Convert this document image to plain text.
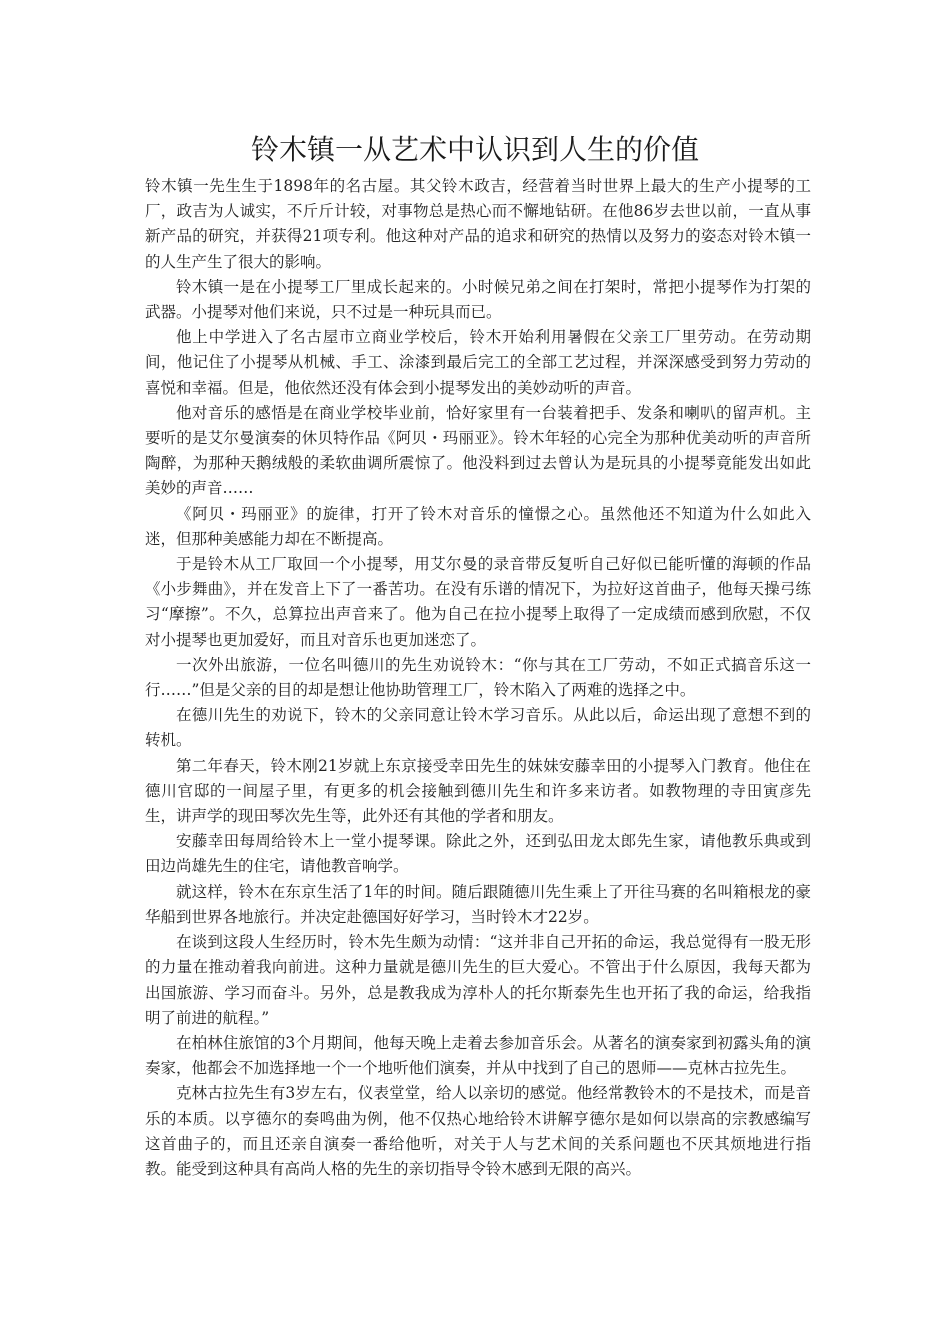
铃木镇一从艺术中认识到人生的价值

铃木镇一先生生于1898年的名古屋。其父铃木政吉，经营着当时世界上最大的生产小提琴的工厂，政吉为人诚实，不斤斤计较，对事物总是热心而不懈地钻研。在他86岁去世以前，一直从事新产品的研究，并获得21项专利。他这种对产品的追求和研究的热情以及努力的姿态对铃木镇一的人生产生了很大的影响。

铃木镇一是在小提琴工厂里成长起来的。小时候兄弟之间在打架时，常把小提琴作为打架的武器。小提琴对他们来说，只不过是一种玩具而已。

他上中学进入了名古屋市立商业学校后，铃木开始利用暑假在父亲工厂里劳动。在劳动期间，他记住了小提琴从机械、手工、涂漆到最后完工的全部工艺过程，并深深感受到努力劳动的喜悦和幸福。但是，他依然还没有体会到小提琴发出的美妙动听的声音。

他对音乐的感悟是在商业学校毕业前，恰好家里有一台装着把手、发条和喇叭的留声机。主要听的是艾尔曼演奏的休贝特作品《阿贝・玛丽亚》。铃木年轻的心完全为那种优美动听的声音所陶醉，为那种天鹅绒般的柔软曲调所震惊了。他没料到过去曾认为是玩具的小提琴竟能发出如此美妙的声音……

《阿贝・玛丽亚》的旋律，打开了铃木对音乐的憧憬之心。虽然他还不知道为什么如此入迷，但那种美感能力却在不断提高。

于是铃木从工厂取回一个小提琴，用艾尔曼的录音带反复听自己好似已能听懂的海顿的作品《小步舞曲》，并在发音上下了一番苦功。在没有乐谱的情况下，为拉好这首曲子，他每天操弓练习“摩擦”。不久，总算拉出声音来了。他为自己在拉小提琴上取得了一定成绩而感到欣慰，不仅对小提琴也更加爱好，而且对音乐也更加迷恋了。

一次外出旅游，一位名叫德川的先生劝说铃木：“你与其在工厂劳动，不如正式搞音乐这一行……”但是父亲的目的却是想让他协助管理工厂，铃木陷入了两难的选择之中。

在德川先生的劝说下，铃木的父亲同意让铃木学习音乐。从此以后，命运出现了意想不到的转机。

第二年春天，铃木刚21岁就上东京接受幸田先生的妹妹安藤幸田的小提琴入门教育。他住在德川官邸的一间屋子里，有更多的机会接触到德川先生和许多来访者。如教物理的寺田寅彦先生，讲声学的现田琴次先生等，此外还有其他的学者和朋友。

安藤幸田每周给铃木上一堂小提琴课。除此之外，还到弘田龙太郎先生家，请他教乐典或到田边尚雄先生的住宅，请他教音响学。

就这样，铃木在东京生活了1年的时间。随后跟随德川先生乘上了开往马赛的名叫箱根龙的豪华船到世界各地旅行。并决定赴德国好好学习，当时铃木才22岁。

在谈到这段人生经历时，铃木先生颇为动情：“这并非自己开拓的命运，我总觉得有一股无形的力量在推动着我向前进。这种力量就是德川先生的巨大爱心。不管出于什么原因，我每天都为出国旅游、学习而奋斗。另外，总是教我成为淳朴人的托尔斯泰先生也开拓了我的命运，给我指明了前进的航程。”

在柏林住旅馆的3个月期间，他每天晚上走着去参加音乐会。从著名的演奏家到初露头角的演奏家，他都会不加选择地一个一个地听他们演奏，并从中找到了自己的恩师——克林古拉先生。

克林古拉先生有3岁左右，仪表堂堂，给人以亲切的感觉。他经常教铃木的不是技术，而是音乐的本质。以亨德尔的奏鸣曲为例，他不仅热心地给铃木讲解亨德尔是如何以崇高的宗教感编写这首曲子的，而且还亲自演奏一番给他听，对关于人与艺术间的关系问题也不厌其烦地进行指教。能受到这种具有高尚人格的先生的亲切指导令铃木感到无限的高兴。
